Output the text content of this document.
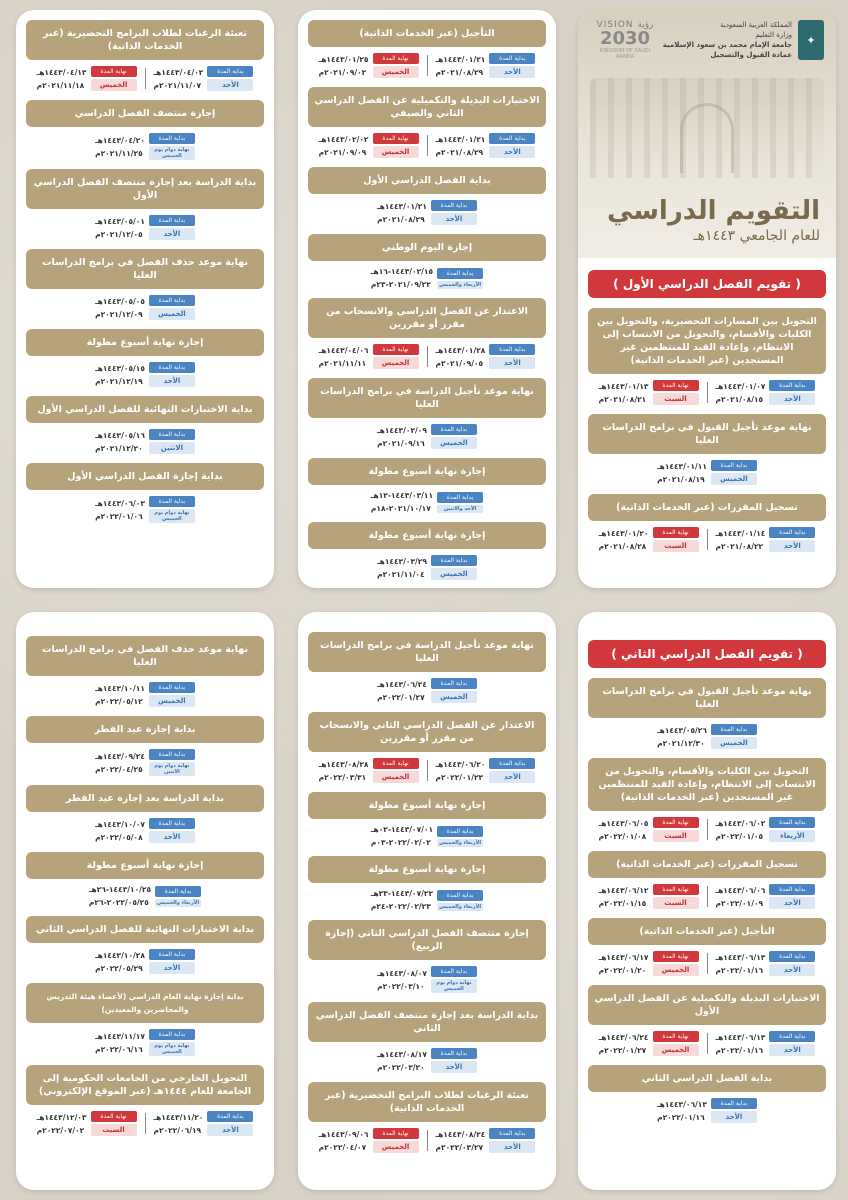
VISION رؤية
2030
KINGDOM OF SAUDI ARABIA
✦
المملكة العربية السعودية
وزارة التعليم
جامعة الإمام محمد بن سعود الإسلامية
عمادة القبول والتسجيل
التقويم الدراسي
للعام الجامعي ١٤٤٣هـ
( تقويم الفصل الدراسي الأول )
التحويل بين المسارات التحضيرية، والتحويل بين الكليات والأقسام، والتحويل من الانتساب إلى الانتظام، وإعادة القيد للمنتظمين غير المستجدين (عبر الخدمات الذاتية)
بداية المدة
الأحد
١٤٤٣/٠١/٠٧هـ
٢٠٢١/٠٨/١٥م
نهاية المدة
السبت
١٤٤٣/٠١/١٣هـ
٢٠٢١/٠٨/٢١م
نهاية موعد تأجيل القبول في برامج الدراسات العليا
بداية المدة
الخميس
١٤٤٣/٠١/١١هـ
٢٠٢١/٠٨/١٩م
تسجيل المقررات (عبر الخدمات الذاتية)
بداية المدة
الأحد
١٤٤٣/٠١/١٤هـ
٢٠٢١/٠٨/٢٢م
نهاية المدة
السبت
١٤٤٣/٠١/٢٠هـ
٢٠٢١/٠٨/٢٨م
التأجيل (عبر الخدمات الذاتية)
بداية المدة
الأحد
١٤٤٣/٠١/٢١هـ
٢٠٢١/٠٨/٢٩م
نهاية المدة
الخميس
١٤٤٣/٠١/٢٥هـ
٢٠٢١/٠٩/٠٢م
الاختبارات البديلة والتكميلية عن الفصل الدراسي الثاني والصيفي
بداية المدة
الأحد
١٤٤٣/٠١/٢١هـ
٢٠٢١/٠٨/٢٩م
نهاية المدة
الخميس
١٤٤٣/٠٢/٠٢هـ
٢٠٢١/٠٩/٠٩م
بداية الفصل الدراسي الأول
بداية المدة
الأحد
١٤٤٣/٠١/٢١هـ
٢٠٢١/٠٨/٢٩م
إجازة اليوم الوطني
بداية المدة
الأربعاء والخميس
١٤٤٣/٠٢/١٥-١٦هـ
٢٠٢١/٠٩/٢٢-٢٣م
الاعتذار عن الفصل الدراسي والانسحاب من مقرر أو مقررين
بداية المدة
الأحد
١٤٤٣/٠١/٢٨هـ
٢٠٢١/٠٩/٠٥م
نهاية المدة
الخميس
١٤٤٣/٠٤/٠٦هـ
٢٠٢١/١١/١١م
نهاية موعد تأجيل الدراسة في برامج الدراسات العليا
بداية المدة
الخميس
١٤٤٣/٠٢/٠٩هـ
٢٠٢١/٠٩/١٦م
إجازة نهاية أسبوع مطولة
بداية المدة
الأحد والاثنين
١٤٤٣/٠٣/١١-١٢هـ
٢٠٢١/١٠/١٧-١٨م
إجازة نهاية أسبوع مطولة
بداية المدة
الخميس
١٤٤٣/٠٣/٢٩هـ
٢٠٢١/١١/٠٤م
تعبئة الرغبات لطلاب البرامج التحضيرية (عبر الخدمات الذاتية)
بداية المدة
الأحد
١٤٤٣/٠٤/٠٢هـ
٢٠٢١/١١/٠٧م
نهاية المدة
الخميس
١٤٤٣/٠٤/١٣هـ
٢٠٢١/١١/١٨م
إجازة منتصف الفصل الدراسي
بداية المدة
نهاية دوام يوم الخميس
١٤٤٣/٠٤/٢٠هـ
٢٠٢١/١١/٢٥م
بداية الدراسة بعد إجازة منتصف الفصل الدراسي الأول
بداية المدة
الأحد
١٤٤٣/٠٥/٠١هـ
٢٠٢١/١٢/٠٥م
نهاية موعد حذف الفصل في برامج الدراسات العليا
بداية المدة
الخميس
١٤٤٣/٠٥/٠٥هـ
٢٠٢١/١٢/٠٩م
إجازة نهاية أسبوع مطولة
بداية المدة
الأحد
١٤٤٣/٠٥/١٥هـ
٢٠٢١/١٢/١٩م
بداية الاختبارات النهائية للفصل الدراسي الأول
بداية المدة
الاثنين
١٤٤٣/٠٥/١٦هـ
٢٠٢١/١٢/٢٠م
بداية إجازة الفصل الدراسي الأول
بداية المدة
نهاية دوام يوم الخميس
١٤٤٣/٠٦/٠٣هـ
٢٠٢٢/٠١/٠٦م
( تقويم الفصل الدراسي الثاني )
نهاية موعد تأجيل القبول في برامج الدراسات العليا
بداية المدة
الخميس
١٤٤٣/٠٥/٢٦هـ
٢٠٢١/١٢/٣٠م
التحويل بين الكليات والأقسام، والتحويل من الانتساب إلى الانتظام، وإعادة القيد للمنتظمين غير المستجدين (عبر الخدمات الذاتية)
بداية المدة
الأربعاء
١٤٤٣/٠٦/٠٢هـ
٢٠٢٢/٠١/٠٥م
نهاية المدة
السبت
١٤٤٣/٠٦/٠٥هـ
٢٠٢٢/٠١/٠٨م
تسجيل المقررات (عبر الخدمات الذاتية)
بداية المدة
الأحد
١٤٤٣/٠٦/٠٦هـ
٢٠٢٢/٠١/٠٩م
نهاية المدة
السبت
١٤٤٣/٠٦/١٢هـ
٢٠٢٢/٠١/١٥م
التأجيل (عبر الخدمات الذاتية)
بداية المدة
الأحد
١٤٤٣/٠٦/١٣هـ
٢٠٢٢/٠١/١٦م
نهاية المدة
الخميس
١٤٤٣/٠٦/١٧هـ
٢٠٢٢/٠١/٢٠م
الاختبارات البديلة والتكميلية عن الفصل الدراسي الأول
بداية المدة
الأحد
١٤٤٣/٠٦/١٣هـ
٢٠٢٢/٠١/١٦م
نهاية المدة
الخميس
١٤٤٣/٠٦/٢٤هـ
٢٠٢٢/٠١/٢٧م
بداية الفصل الدراسي الثاني
بداية المدة
الأحد
١٤٤٣/٠٦/١٣هـ
٢٠٢٢/٠١/١٦م
نهاية موعد تأجيل الدراسة في برامج الدراسات العليا
بداية المدة
الخميس
١٤٤٣/٠٦/٢٤هـ
٢٠٢٢/٠١/٢٧م
الاعتذار عن الفصل الدراسي الثاني والانسحاب من مقرر أو مقررين
بداية المدة
الأحد
١٤٤٣/٠٦/٢٠هـ
٢٠٢٢/٠١/٢٣م
نهاية المدة
الخميس
١٤٤٣/٠٨/٢٨هـ
٢٠٢٢/٠٣/٣١م
إجازة نهاية أسبوع مطولة
بداية المدة
الأربعاء والخميس
١٤٤٣/٠٧/٠١-٠٢هـ
٢٠٢٢/٠٢/٠٢-٠٣م
إجازة نهاية أسبوع مطولة
بداية المدة
الأربعاء والخميس
١٤٤٣/٠٧/٢٢-٢٣هـ
٢٠٢٢/٠٢/٢٣-٢٤م
إجازة منتصف الفصل الدراسي الثاني (إجازة الربيع)
بداية المدة
نهاية دوام يوم الخميس
١٤٤٣/٠٨/٠٧هـ
٢٠٢٢/٠٣/١٠م
بداية الدراسة بعد إجازة منتصف الفصل الدراسي الثاني
بداية المدة
الأحد
١٤٤٣/٠٨/١٧هـ
٢٠٢٢/٠٣/٢٠م
تعبئة الرغبات لطلاب البرامج التحضيرية (عبر الخدمات الذاتية)
بداية المدة
الأحد
١٤٤٣/٠٨/٢٤هـ
٢٠٢٢/٠٣/٢٧م
نهاية المدة
الخميس
١٤٤٣/٠٩/٠٦هـ
٢٠٢٢/٠٤/٠٧م
نهاية موعد حذف الفصل في برامج الدراسات العليا
بداية المدة
الخميس
١٤٤٣/١٠/١١هـ
٢٠٢٢/٠٥/١٢م
بداية إجازة عيد الفطر
بداية المدة
نهاية دوام يوم الاثنين
١٤٤٣/٠٩/٢٤هـ
٢٠٢٢/٠٤/٢٥م
بداية الدراسة بعد إجازة عيد الفطر
بداية المدة
الأحد
١٤٤٣/١٠/٠٧هـ
٢٠٢٢/٠٥/٠٨م
إجازة نهاية أسبوع مطولة
بداية المدة
الأربعاء والخميس
١٤٤٣/١٠/٢٥-٢٦هـ
٢٠٢٢/٠٥/٢٥-٢٦م
بداية الاختبارات النهائية للفصل الدراسي الثاني
بداية المدة
الأحد
١٤٤٣/١٠/٢٨هـ
٢٠٢٢/٠٥/٢٩م
بداية إجازة نهاية العام الدراسي (لأعضاء هيئة التدريس والمحاضرين والمعيدين)
بداية المدة
نهاية دوام يوم الخميس
١٤٤٣/١١/١٧هـ
٢٠٢٢/٠٦/١٦م
التحويل الخارجي من الجامعات الحكومية إلى الجامعة للعام ١٤٤٤هـ (عبر الموقع الإلكتروني)
بداية المدة
الأحد
١٤٤٣/١١/٢٠هـ
٢٠٢٢/٠٦/١٩م
نهاية المدة
السبت
١٤٤٣/١٢/٠٣هـ
٢٠٢٢/٠٧/٠٢م
